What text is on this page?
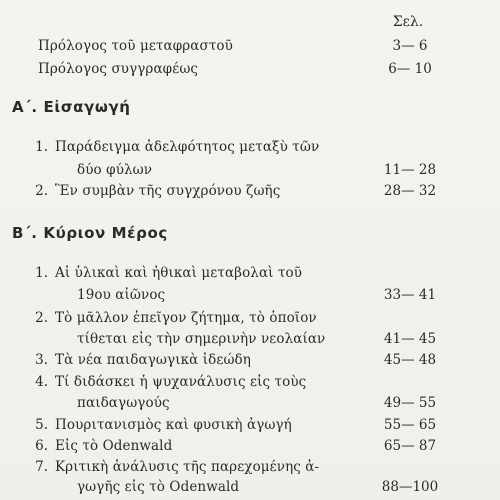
Σελ.
Πρόλογος τοῦ μεταφραστοῦ	3— 6
Πρόλογος συγγραφέως	6— 10
Α΄. Εἰσαγωγή
1. Παράδειγμα ἀδελφότητος μεταξὺ τῶν
δύο φύλων	11— 28
2. Ἓν συμβὰν τῆς συγχρόνου ζωῆς	28— 32
Β΄. Κύριον Μέρος
1. Αἱ ὑλικαὶ καὶ ἠθικαὶ μεταβολαὶ τοῦ
19ου αἰῶνος	33— 41
2. Τὸ μᾶλλον ἐπεῖγον ζήτημα, τὸ ὁποῖον
τίθεται εἰς τὴν σημερινὴν νεολαίαν	41— 45
3. Τὰ νέα παιδαγωγικὰ ἰδεώδη	45— 48
4. Τί διδάσκει ἡ ψυχανάλυσις εἰς τοὺς
παιδαγωγούς	49— 55
5. Πουριτανισμὸς καὶ φυσικὴ ἀγωγή	55— 65
6. Εἰς τὸ Odenwald	65— 87
7. Κριτικὴ ἀνάλυσις τῆς παρεχομένης ἀ-
γωγῆς εἰς τὸ Odenwald	88—100
